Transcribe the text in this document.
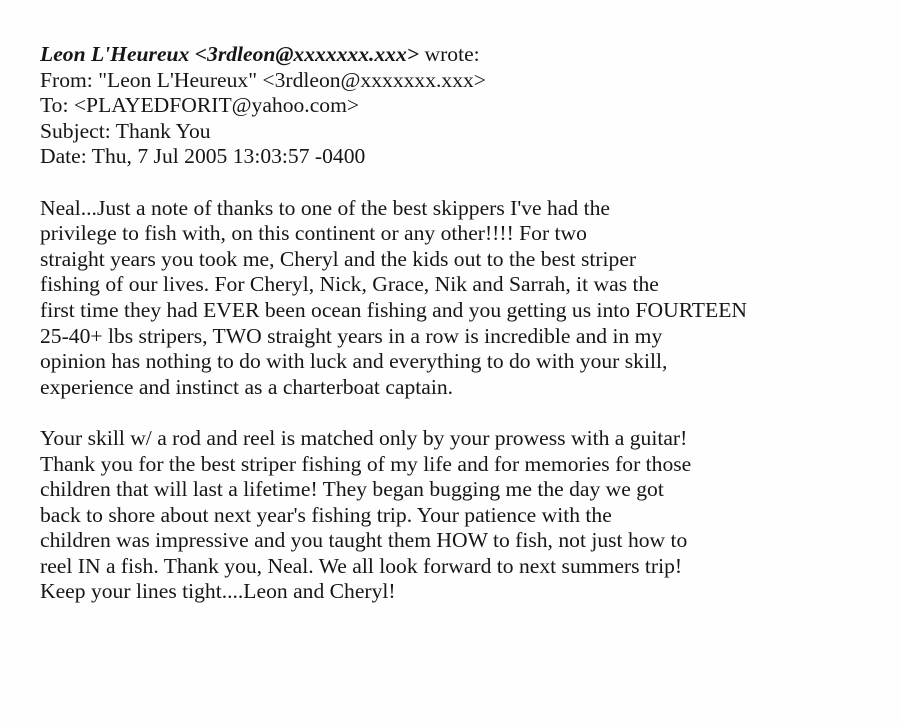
Leon L'Heureux <3rdleon@xxxxxxx.xxx> wrote:
From: "Leon L'Heureux" <3rdleon@xxxxxxx.xxx>
To: <PLAYEDFORIT@yahoo.com>
Subject: Thank You
Date: Thu, 7 Jul 2005 13:03:57 -0400
Neal...Just a note of thanks to one of the best skippers I've had the
privilege to fish with, on this continent or any other!!!! For two
straight years you took me, Cheryl and the kids out to the best striper
fishing of our lives. For Cheryl, Nick, Grace, Nik and Sarrah, it was the
first time they had EVER been ocean fishing and you getting us into FOURTEEN
25-40+ lbs stripers, TWO straight years in a row is incredible and in my
opinion has nothing to do with luck and everything to do with your skill,
experience and instinct as a charterboat captain.
Your skill w/ a rod and reel is matched only by your prowess with a guitar!
Thank you for the best striper fishing of my life and for memories for those
children that will last a lifetime! They began bugging me the day we got
back to shore about next year's fishing trip. Your patience with the
children was impressive and you taught them HOW to fish, not just how to
reel IN a fish. Thank you, Neal. We all look forward to next summers trip!
Keep your lines tight....Leon and Cheryl!
